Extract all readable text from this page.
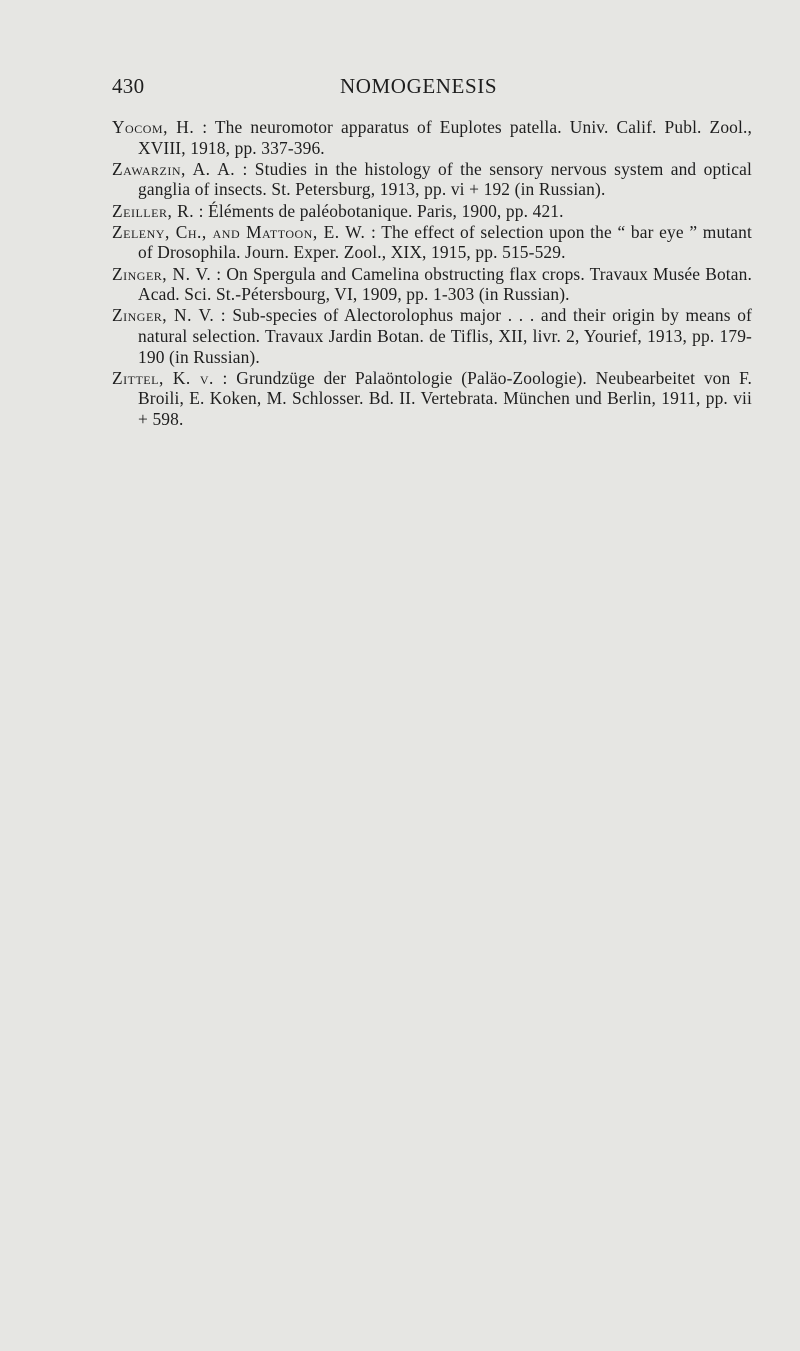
430	NOMOGENESIS

Yocom, H. : The neuromotor apparatus of Euplotes patella. Univ. Calif. Publ. Zool., XVIII, 1918, pp. 337-396.

Zawarzin, A. A. : Studies in the histology of the sensory nervous system and optical ganglia of insects. St. Petersburg, 1913, pp. vi + 192 (in Russian).

Zeiller, R. : Éléments de paléobotanique. Paris, 1900, pp. 421.

Zeleny, Ch., and Mattoon, E. W. : The effect of selection upon the “ bar eye ” mutant of Drosophila. Journ. Exper. Zool., XIX, 1915, pp. 515-529.

Zinger, N. V. : On Spergula and Camelina obstructing flax crops. Travaux Musée Botan. Acad. Sci. St.-Pétersbourg, VI, 1909, pp. 1-303 (in Russian).

Zinger, N. V. : Sub-species of Alectorolophus major . . . and their origin by means of natural selection. Travaux Jardin Botan. de Tiflis, XII, livr. 2, Yourief, 1913, pp. 179-190 (in Russian).

Zittel, K. v. : Grundzüge der Palaöntologie (Paläo-Zoologie). Neubearbeitet von F. Broili, E. Koken, M. Schlosser. Bd. II. Vertebrata. München und Berlin, 1911, pp. vii + 598.
